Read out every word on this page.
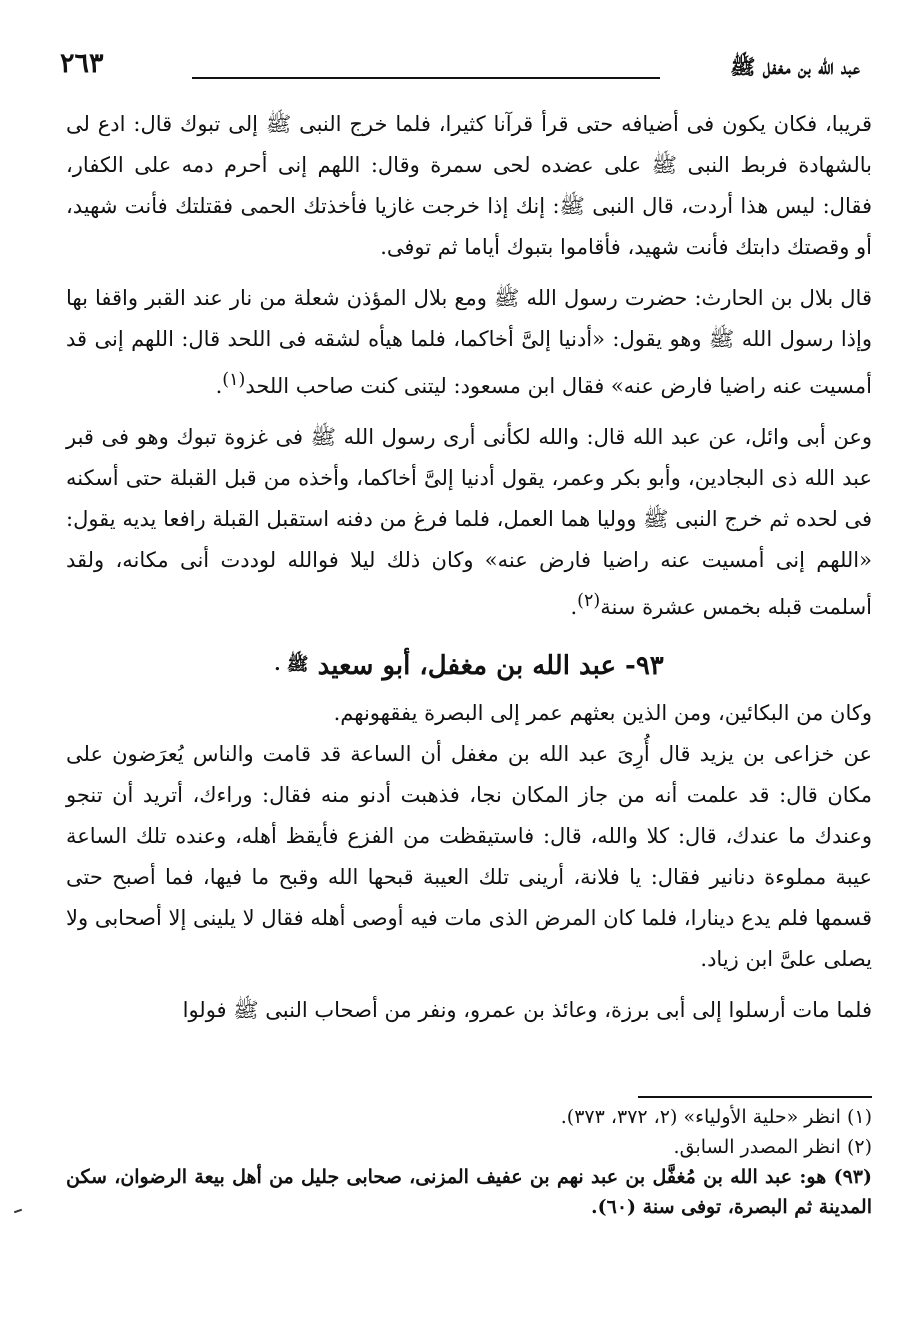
عبد الله بن مغفل ﷺ
٢٦٣

قريبا، فكان يكون فى أضيافه حتى قرأ قرآنا كثيرا، فلما خرج النبى ﷺ إلى تبوك قال: ادع لى بالشهادة فربط النبى ﷺ على عضده لحى سمرة وقال: اللهم إنى أحرم دمه على الكفار، فقال: ليس هذا أردت، قال النبى ﷺ: إنك إذا خرجت غازيا فأخذتك الحمى فقتلتك فأنت شهيد، أو وقصتك دابتك فأنت شهيد، فأقاموا بتبوك أياما ثم توفى.

قال بلال بن الحارث: حضرت رسول الله ﷺ ومع بلال المؤذن شعلة من نار عند القبر واقفا بها وإذا رسول الله ﷺ وهو يقول: «أدنيا إلىَّ أخاكما، فلما هيأه لشقه فى اللحد قال: اللهم إنى قد أمسيت عنه راضيا فارض عنه» فقال ابن مسعود: ليتنى كنت صاحب اللحد$^{(١)}$.

وعن أبى وائل، عن عبد الله قال: والله لكأنى أرى رسول الله ﷺ فى غزوة تبوك وهو فى قبر عبد الله ذى البجادين، وأبو بكر وعمر، يقول أدنيا إلىَّ أخاكما، وأخذه من قبل القبلة حتى أسكنه فى لحده ثم خرج النبى ﷺ ووليا هما العمل، فلما فرغ من دفنه استقبل القبلة رافعا يديه يقول: «اللهم إنى أمسيت عنه راضيا فارض عنه» وكان ذلك ليلا فوالله لوددت أنى مكانه، ولقد أسلمت قبله بخمس عشرة سنة$^{(٢)}$.

٩٣- عبد الله بن مغفل، أبو سعيد ﷺ .

وكان من البكائين، ومن الذين بعثهم عمر إلى البصرة يفقهونهم.

عن خزاعى بن يزيد قال أُرِىَ عبد الله بن مغفل أن الساعة قد قامت والناس يُعرَضون على مكان قال: قد علمت أنه من جاز المكان نجا، فذهبت أدنو منه فقال: وراءك، أتريد أن تنجو وعندك ما عندك، قال: كلا والله، قال: فاستيقظت من الفزع فأيقظ أهله، وعنده تلك الساعة عيبة مملوءة دنانير فقال: يا فلانة، أرينى تلك العيبة قبحها الله وقبح ما فيها، فما أصبح حتى قسمها فلم يدع دينارا، فلما كان المرض الذى مات فيه أوصى أهله فقال لا يلينى إلا أصحابى ولا يصلى علىَّ ابن زياد.

فلما مات أرسلوا إلى أبى برزة، وعائذ بن عمرو، ونفر من أصحاب النبى ﷺ فولوا

(١) انظر «حلية الأولياء» (٢، ٣٧٢، ٣٧٣).

(٢) انظر المصدر السابق.

(٩٣) هو: عبد الله بن مُغفَّل بن عبد نهم بن عفيف المزنى، صحابى جليل من أهل بيعة الرضوان، سكن المدينة ثم البصرة، توفى سنة (٦٠).
